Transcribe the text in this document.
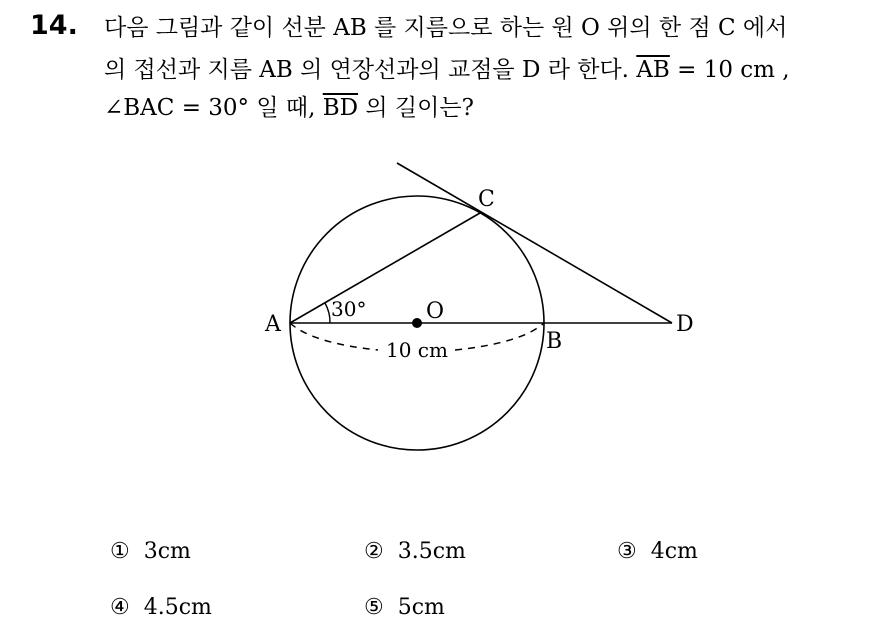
14. 다음 그림과 같이 선분 AB 를 지름으로 하는 원 O 위의 한 점 C 에서
의 접선과 지름 AB 의 연장선과의 교점을 D 라 한다. $\overline{AB} = 10$ cm ,
∠BAC = 30° 일 때, $\overline{BD}$ 의 길이는?
A
B
C
D
O
30°
10 cm
① 3cm	② 3.5cm	③ 4cm
④ 4.5cm	⑤ 5cm
